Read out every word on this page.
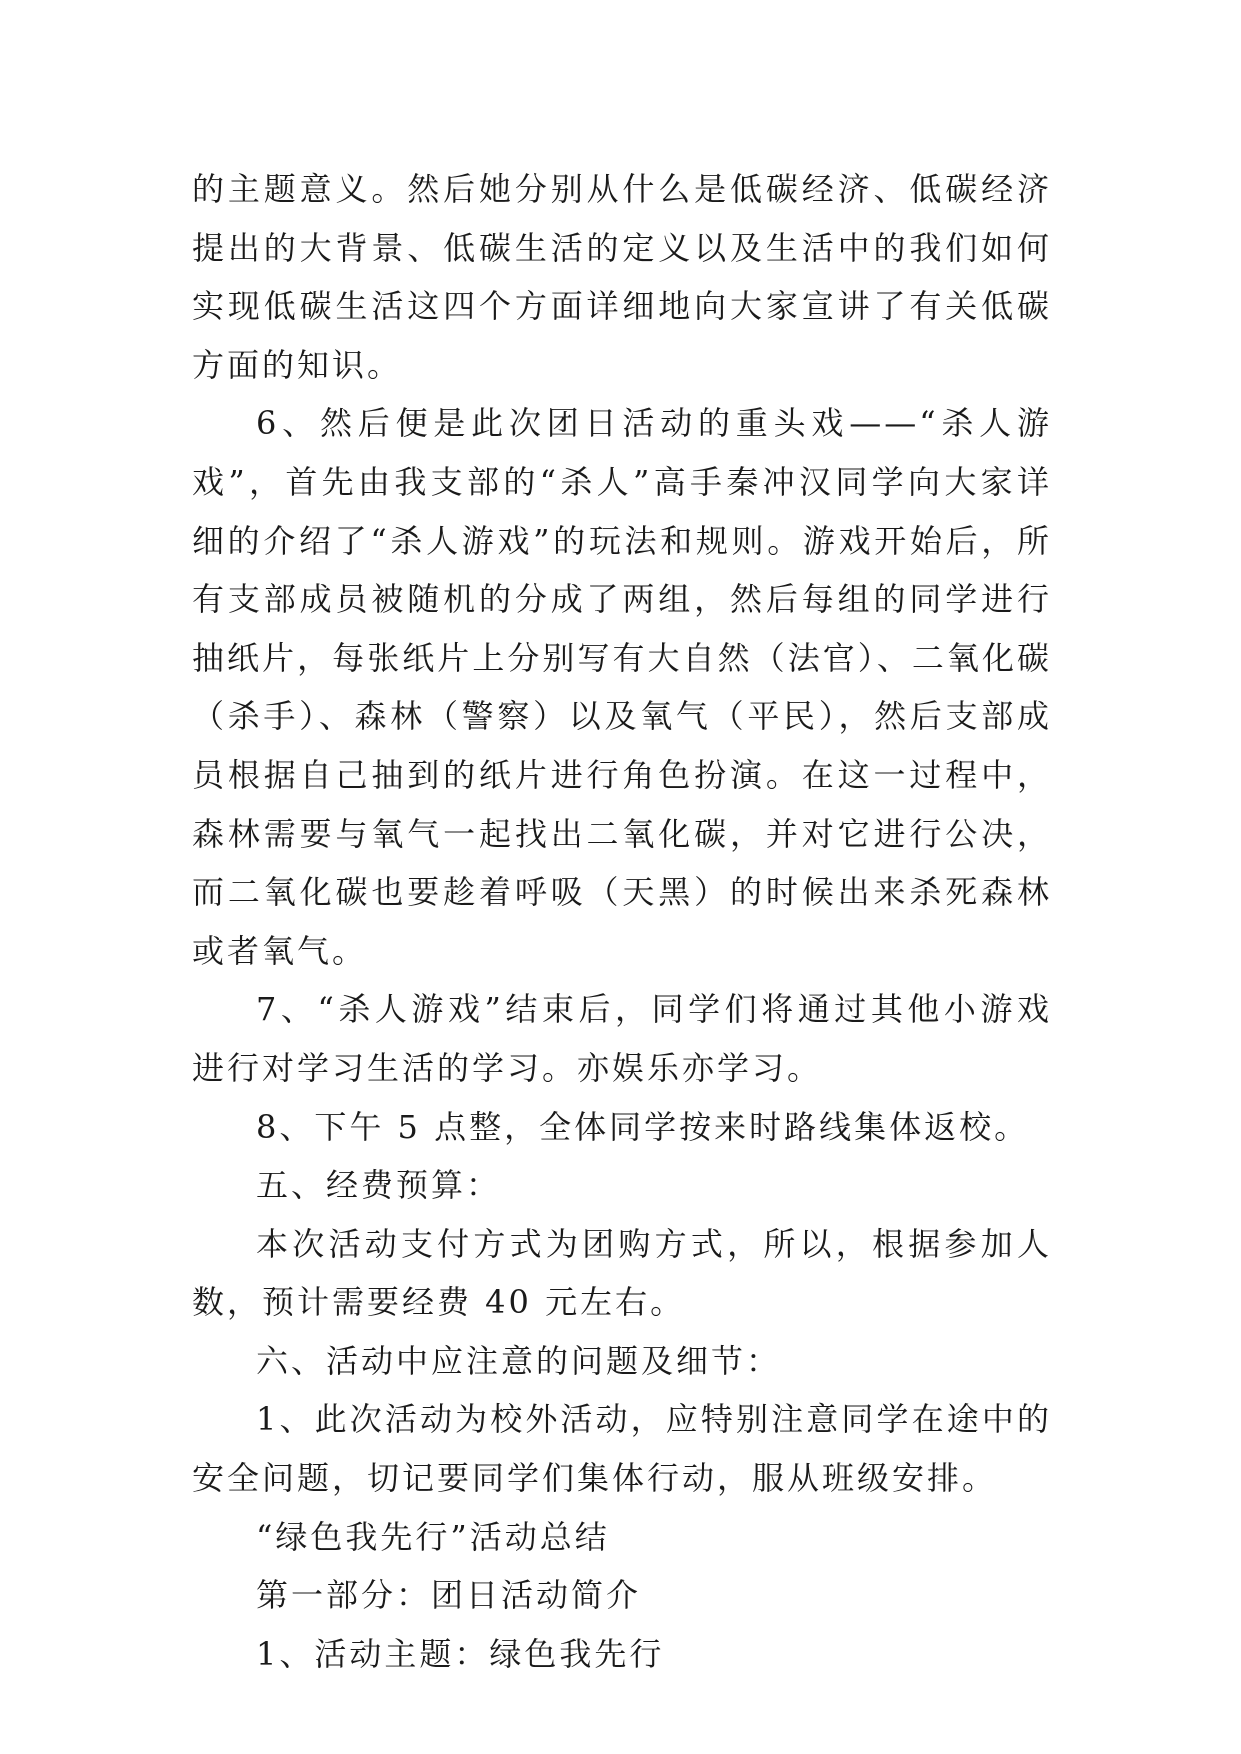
的主题意义。然后她分别从什么是低碳经济、低碳经济提出的大背景、低碳生活的定义以及生活中的我们如何实现低碳生活这四个方面详细地向大家宣讲了有关低碳方面的知识。

6、然后便是此次团日活动的重头戏——“杀人游戏”，首先由我支部的“杀人”高手秦冲汉同学向大家详细的介绍了“杀人游戏”的玩法和规则。游戏开始后，所有支部成员被随机的分成了两组，然后每组的同学进行抽纸片，每张纸片上分别写有大自然（法官）、二氧化碳（杀手）、森林（警察）以及氧气（平民），然后支部成员根据自己抽到的纸片进行角色扮演。在这一过程中，森林需要与氧气一起找出二氧化碳，并对它进行公决，而二氧化碳也要趁着呼吸（天黑）的时候出来杀死森林或者氧气。

7、“杀人游戏”结束后，同学们将通过其他小游戏进行对学习生活的学习。亦娱乐亦学习。

8、下午 5 点整，全体同学按来时路线集体返校。

五、经费预算：

本次活动支付方式为团购方式，所以，根据参加人数，预计需要经费 40 元左右。

六、活动中应注意的问题及细节：

1、此次活动为校外活动，应特别注意同学在途中的安全问题，切记要同学们集体行动，服从班级安排。

“绿色我先行”活动总结

第一部分：团日活动简介

1、活动主题：绿色我先行
